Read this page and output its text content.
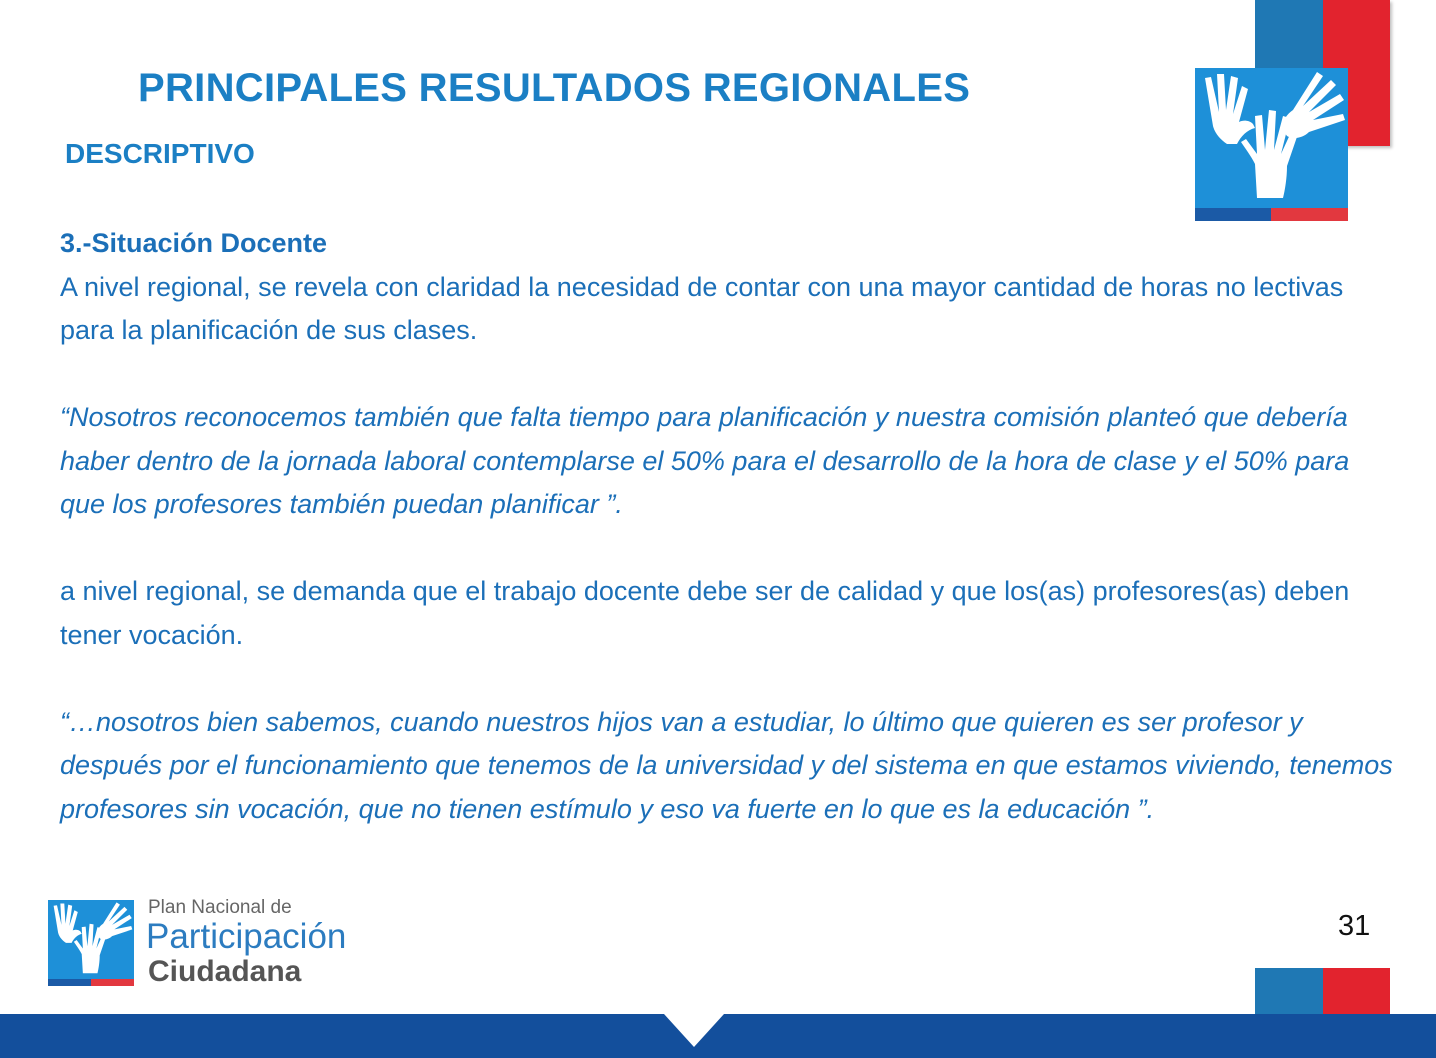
PRINCIPALES RESULTADOS REGIONALES
DESCRIPTIVO

3.-Situación Docente
A nivel regional, se revela con claridad la necesidad de contar con una mayor cantidad de horas no lectivas para la planificación de sus clases.

“Nosotros reconocemos también que falta tiempo para planificación y nuestra comisión planteó que debería haber dentro de la jornada laboral contemplarse el 50% para el desarrollo de la hora de clase y el 50% para que los profesores también puedan planificar ”.

a nivel regional, se demanda que el trabajo docente debe ser de calidad y que los(as) profesores(as) deben tener vocación.

“…nosotros bien sabemos, cuando nuestros hijos van a estudiar, lo último que quieren es ser profesor y después por el funcionamiento que tenemos de la universidad y del sistema en que estamos viviendo, tenemos profesores sin vocación, que no tienen estímulo y eso va fuerte en lo que es la educación ”.

Plan Nacional de
Participación
Ciudadana
31
